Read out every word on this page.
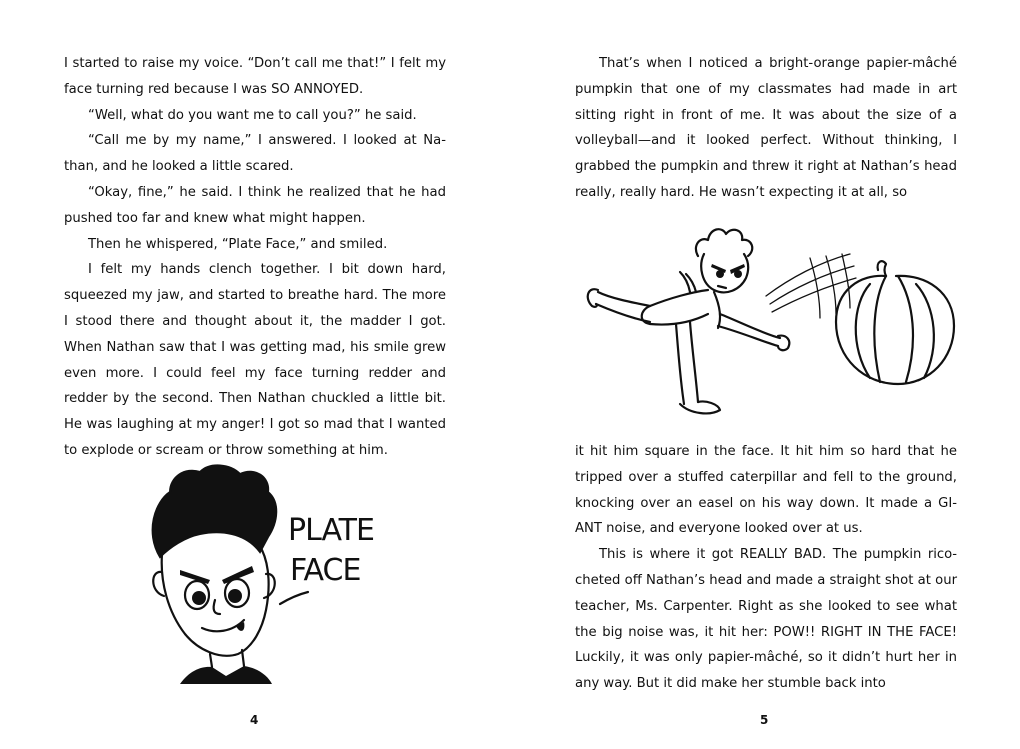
I started to raise my voice. “Don’t call me that!” I felt my face turning red because I was SO ANNOYED.

“Well, what do you want me to call you?” he said.

“Call me by my name,” I answered. I looked at Nathan, and he looked a little scared.

“Okay, fine,” he said. I think he realized that he had pushed too far and knew what might happen.

Then he whispered, “Plate Face,” and smiled.

I felt my hands clench together. I bit down hard, squeezed my jaw, and started to breathe hard. The more I stood there and thought about it, the madder I got. When Nathan saw that I was getting mad, his smile grew even more. I could feel my face turning redder and redder by the second. Then Nathan chuckled a little bit. He was laughing at my anger! I got so mad that I wanted to explode or scream or throw something at him.

4
PLATE
FACE

That’s when I noticed a bright-orange papier-mâché pumpkin that one of my classmates had made in art sitting right in front of me. It was about the size of a volleyball—and it looked perfect. Without thinking, I grabbed the pumpkin and threw it right at Nathan’s head really, really hard. He wasn’t expecting it at all, so

it hit him square in the face. It hit him so hard that he tripped over a stuffed caterpillar and fell to the ground, knocking over an easel on his way down. It made a GIANT noise, and everyone looked over at us.

This is where it got REALLY BAD. The pumpkin ricocheted off Nathan’s head and made a straight shot at our teacher, Ms. Carpenter. Right as she looked to see what the big noise was, it hit her: POW!! RIGHT IN THE FACE! Luckily, it was only papier-mâché, so it didn’t hurt her in any way. But it did make her stumble back into

5
